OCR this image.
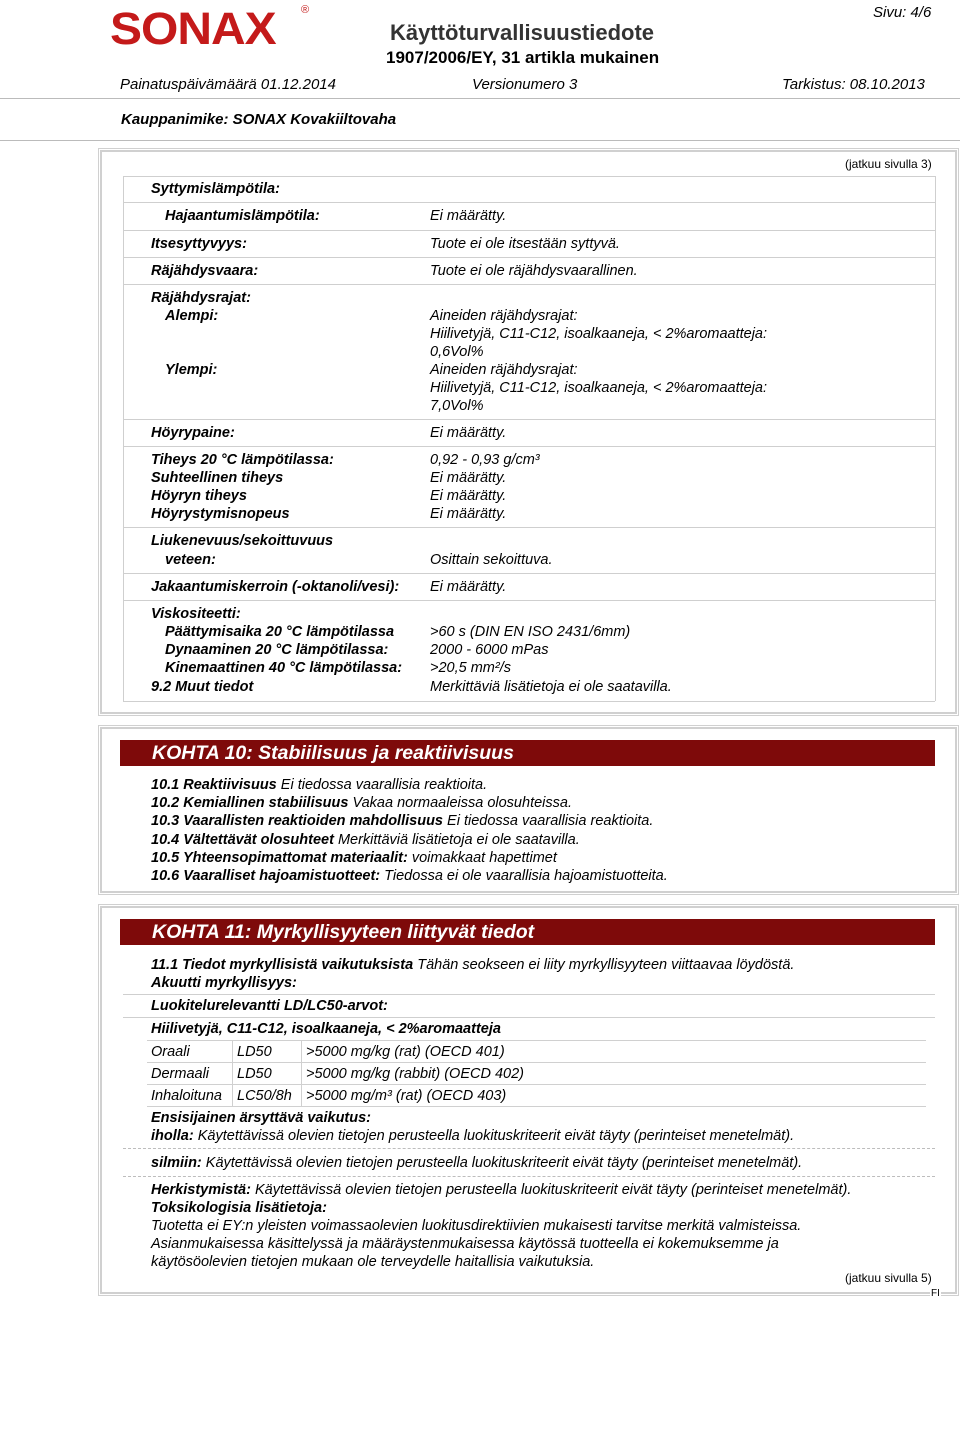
SONAX ®
Käyttöturvallisuustiedote
1907/2006/EY, 31 artikla mukainen
Sivu: 4/6
Painatuspäivämäärä 01.12.2014	Versionumero 3	Tarkistus: 08.10.2013
Kauppanimike: SONAX Kovakiiltovaha
(jatkuu sivulla 3)
Syttymislämpötila:
Hajaantumislämpötila:	Ei määrätty.
Itsesyttyvyys:	Tuote ei ole itsestään syttyvä.
Räjähdysvaara:	Tuote ei ole räjähdysvaarallinen.
Räjähdysrajat:
Alempi:	Aineiden räjähdysrajat:
Hiilivetyjä, C11-C12, isoalkaaneja, < 2%aromaatteja:
0,6Vol%
Ylempi:	Aineiden räjähdysrajat:
Hiilivetyjä, C11-C12, isoalkaaneja, < 2%aromaatteja:
7,0Vol%
Höyrypaine:	Ei määrätty.
Tiheys 20 °C lämpötilassa:	0,92 - 0,93 g/cm³
Suhteellinen tiheys	Ei määrätty.
Höyryn tiheys	Ei määrätty.
Höyrystymisnopeus	Ei määrätty.
Liukenevuus/sekoittuvuus
veteen:	Osittain sekoittuva.
Jakaantumiskerroin (-oktanoli/vesi): Ei määrätty.
Viskositeetti:
Päättymisaika 20 °C lämpötilassa >60 s (DIN EN ISO 2431/6mm)
Dynaaminen 20 °C lämpötilassa:	2000 - 6000 mPas
Kinemaattinen 40 °C lämpötilassa: >20,5 mm²/s
9.2 Muut tiedot	Merkittäviä lisätietoja ei ole saatavilla.
KOHTA 10: Stabiilisuus ja reaktiivisuus
10.1 Reaktiivisuus Ei tiedossa vaarallisia reaktioita.
10.2 Kemiallinen stabiilisuus Vakaa normaaleissa olosuhteissa.
10.3 Vaarallisten reaktioiden mahdollisuus Ei tiedossa vaarallisia reaktioita.
10.4 Vältettävät olosuhteet Merkittäviä lisätietoja ei ole saatavilla.
10.5 Yhteensopimattomat materiaalit: voimakkaat hapettimet
10.6 Vaaralliset hajoamistuotteet: Tiedossa ei ole vaarallisia hajoamistuotteita.
KOHTA 11: Myrkyllisyyteen liittyvät tiedot
11.1 Tiedot myrkyllisistä vaikutuksista Tähän seokseen ei liity myrkyllisyyteen viittaavaa löydöstä.
Akuutti myrkyllisyys:
Luokitelurelevantti LD/LC50-arvot:
Hiilivetyjä, C11-C12, isoalkaaneja, < 2%aromaatteja
Oraali	LD50	>5000 mg/kg (rat) (OECD 401)
Dermaali	LD50	>5000 mg/kg (rabbit) (OECD 402)
Inhaloituna	LC50/8h	>5000 mg/m³ (rat) (OECD 403)
Ensisijainen ärsyttävä vaikutus:
iholla: Käytettävissä olevien tietojen perusteella luokituskriteerit eivät täyty (perinteiset menetelmät).
silmiin: Käytettävissä olevien tietojen perusteella luokituskriteerit eivät täyty (perinteiset menetelmät).
Herkistymistä: Käytettävissä olevien tietojen perusteella luokituskriteerit eivät täyty (perinteiset menetelmät).
Toksikologisia lisätietoja:
Tuotetta ei EY:n yleisten voimassaolevien luokitusdirektiivien mukaisesti tarvitse merkitä valmisteissa.
Asianmukaisessa käsittelyssä ja määräystenmukaisessa käytössä tuotteella ei kokemuksemme ja
käytösöolevien tietojen mukaan ole terveydelle haitallisia vaikutuksia.
(jatkuu sivulla 5)
FI
